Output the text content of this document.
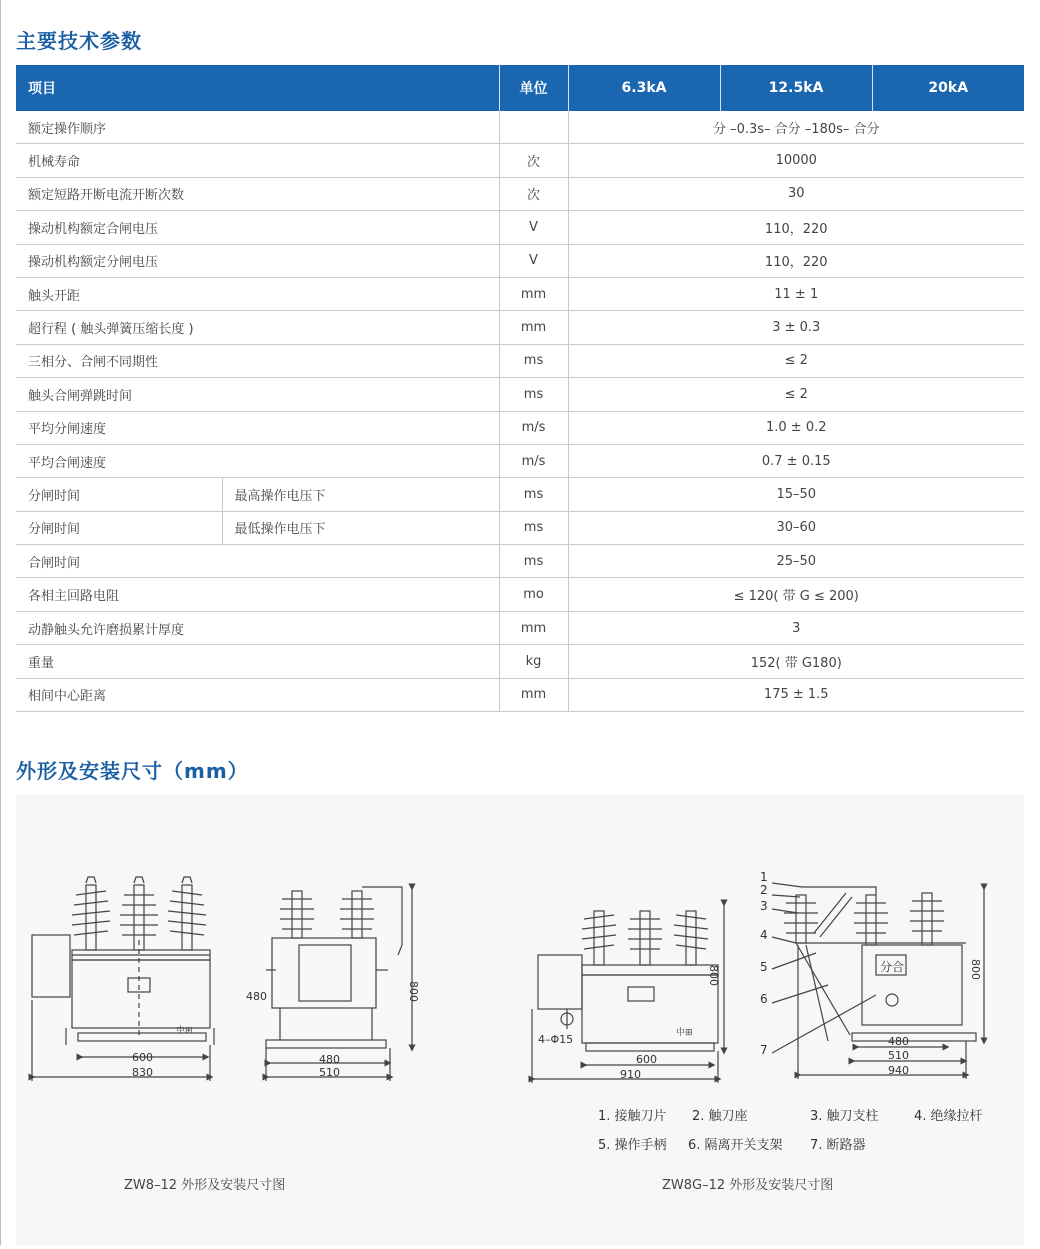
主要技术参数
项目		单位	6.3kA	12.5kA	20kA
额定操作顺序			分 –0.3s– 合分 –180s– 合分		
机械寿命		次	10000		
额定短路开断电流开断次数		次	30		
操动机构额定合闸电压		V	110，220		
操动机构额定分闸电压		V	110，220		
触头开距		mm	11 ± 1		
超行程 ( 触头弹簧压缩长度 )		mm	3 ± 0.3		
三相分、合闸不同期性		ms	≤ 2		
触头合闸弹跳时间		ms	≤ 2		
平均分闸速度		m/s	1.0 ± 0.2		
平均合闸速度		m/s	0.7 ± 0.15		
分闸时间	最高操作电压下	ms	15–50		
分闸时间	最低操作电压下	ms	30–60		
合闸时间		ms	25–50		
各相主回路电阻		mo	≤ 120( 带 G ≤ 200)		
动静触头允许磨损累计厚度		mm	3		
重量		kg	152( 带 G180)		
相间中心距离		mm	175 ± 1.5		
外形及安装尺寸（mm）
中⊞	中⊞
600
830
480
480
510
800
4–Φ15
600
910
800
480
510
940
800
分合
1
2
3
4
5
6
7
1. 接触刀片 2. 触刀座	3. 触刀支柱	4. 绝缘拉杆
5. 操作手柄 6. 隔离开关支架 7. 断路器
ZW8–12 外形及安装尺寸图	ZW8G–12 外形及安装尺寸图
